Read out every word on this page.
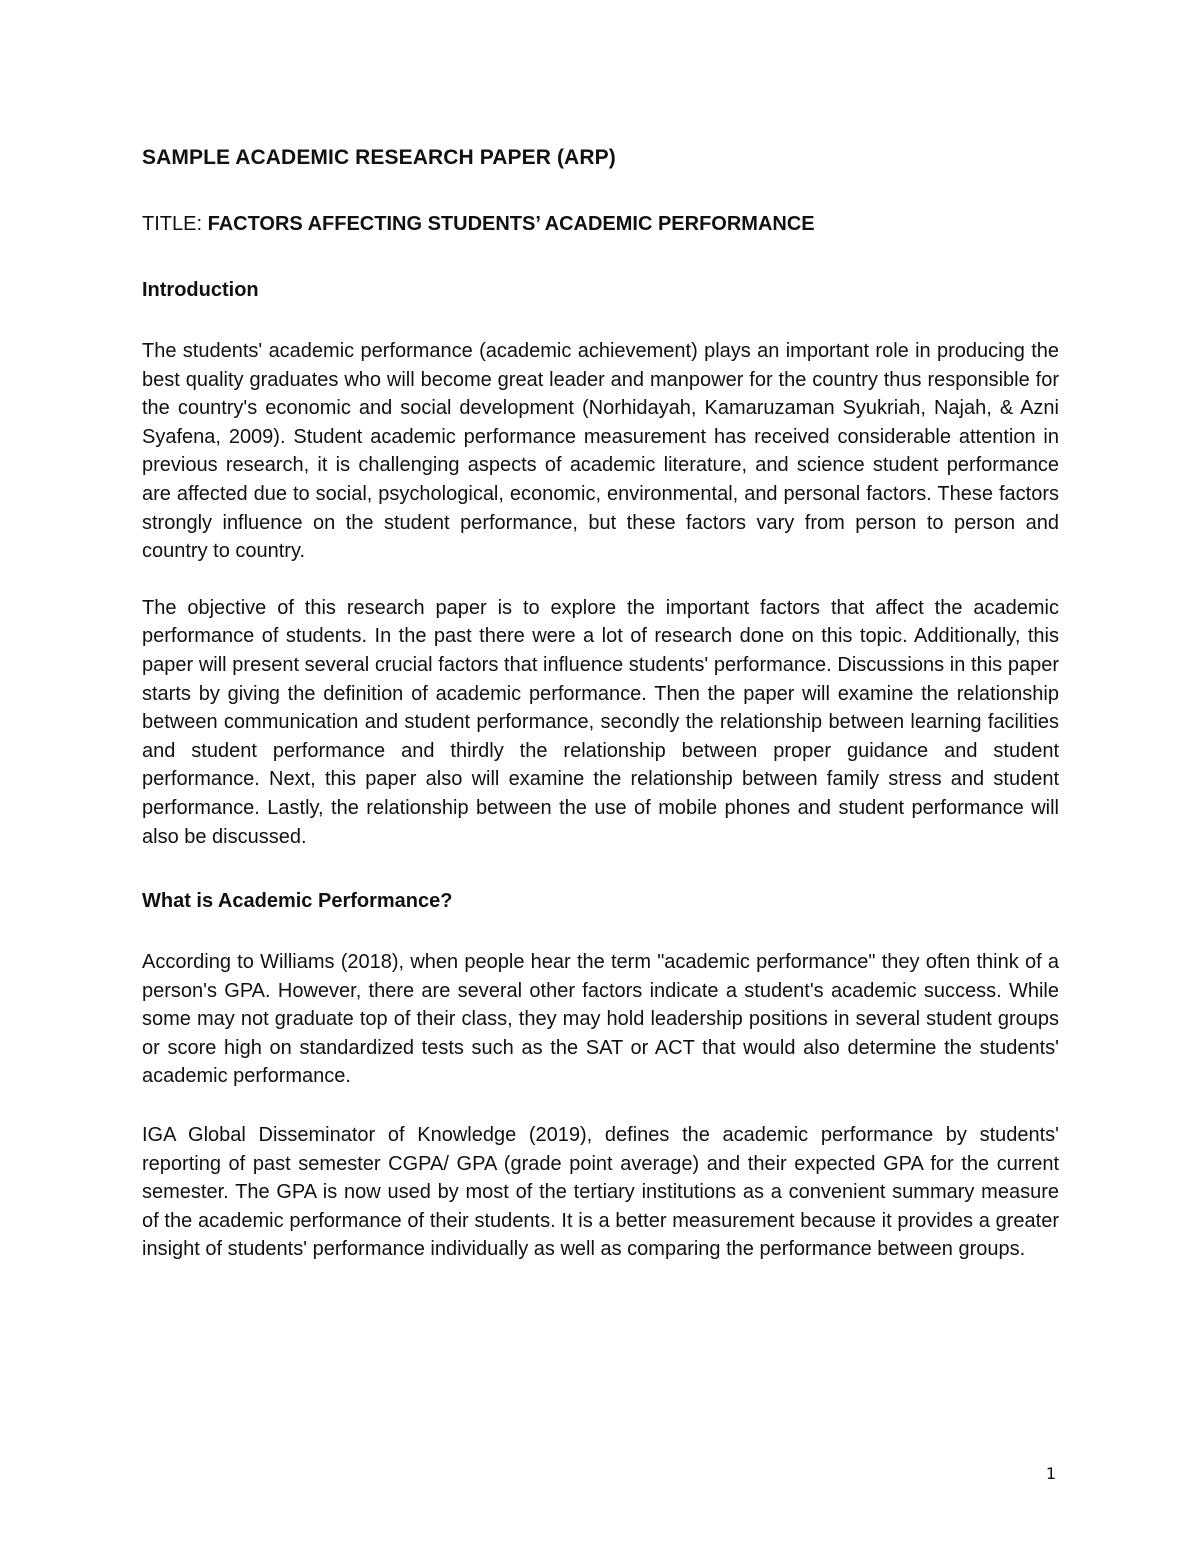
SAMPLE ACADEMIC RESEARCH PAPER (ARP)

TITLE: FACTORS AFFECTING STUDENTS’ ACADEMIC PERFORMANCE

Introduction

The students' academic performance (academic achievement) plays an important role in producing the best quality graduates who will become great leader and manpower for the country thus responsible for the country's economic and social development (Norhidayah, Kamaruzaman Syukriah, Najah, & Azni Syafena, 2009). Student academic performance measurement has received considerable attention in previous research, it is challenging aspects of academic literature, and science student performance are affected due to social, psychological, economic, environmental, and personal factors. These factors strongly influence on the student performance, but these factors vary from person to person and country to country.

The objective of this research paper is to explore the important factors that affect the academic performance of students. In the past there were a lot of research done on this topic. Additionally, this paper will present several crucial factors that influence students' performance. Discussions in this paper starts by giving the definition of academic performance. Then the paper will examine the relationship between communication and student performance, secondly the relationship between learning facilities and student performance and thirdly the relationship between proper guidance and student performance. Next, this paper also will examine the relationship between family stress and student performance. Lastly, the relationship between the use of mobile phones and student performance will also be discussed.

What is Academic Performance?

According to Williams (2018), when people hear the term "academic performance" they often think of a person's GPA. However, there are several other factors indicate a student's academic success. While some may not graduate top of their class, they may hold leadership positions in several student groups or score high on standardized tests such as the SAT or ACT that would also determine the students' academic performance.

IGA Global Disseminator of Knowledge (2019), defines the academic performance by students' reporting of past semester CGPA/ GPA (grade point average) and their expected GPA for the current semester. The GPA is now used by most of the tertiary institutions as a convenient summary measure of the academic performance of their students. It is a better measurement because it provides a greater insight of students' performance individually as well as comparing the performance between groups.

1
